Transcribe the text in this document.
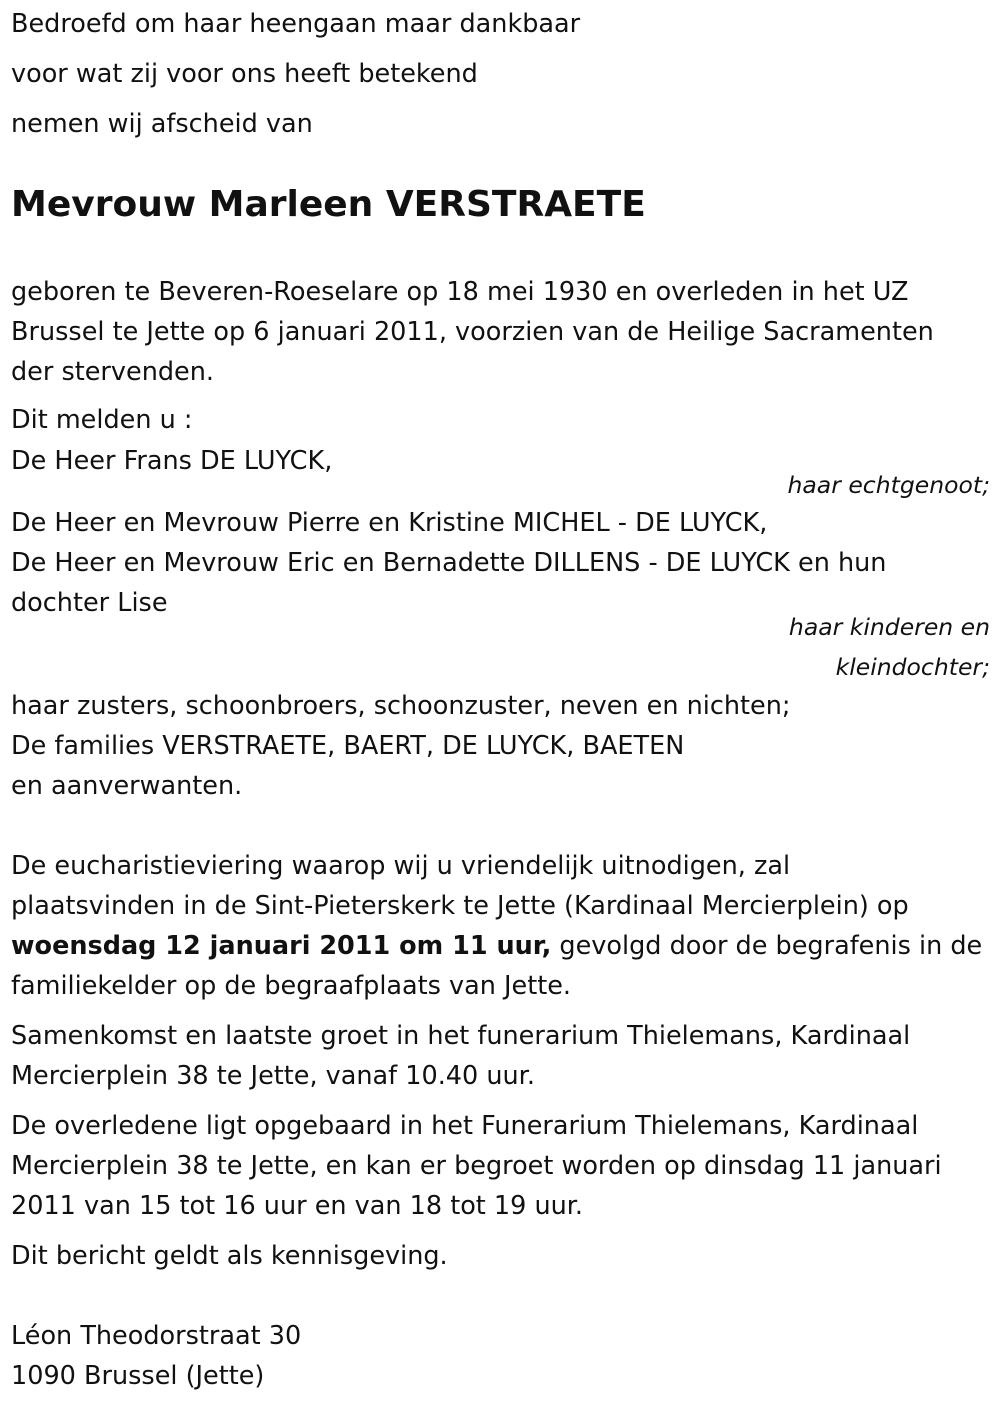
Bedroefd om haar heengaan maar dankbaar
voor wat zij voor ons heeft betekend
nemen wij afscheid van
Mevrouw Marleen VERSTRAETE
geboren te Beveren-Roeselare op 18 mei 1930 en overleden in het UZ
Brussel te Jette op 6 januari 2011, voorzien van de Heilige Sacramenten
der stervenden.
Dit melden u :
De Heer Frans DE LUYCK,
haar echtgenoot;
De Heer en Mevrouw Pierre en Kristine MICHEL - DE LUYCK,
De Heer en Mevrouw Eric en Bernadette DILLENS - DE LUYCK en hun
dochter Lise
haar kinderen en
kleindochter;
haar zusters, schoonbroers, schoonzuster, neven en nichten;
De families VERSTRAETE, BAERT, DE LUYCK, BAETEN
en aanverwanten.
De eucharistieviering waarop wij u vriendelijk uitnodigen, zal
plaatsvinden in de Sint-Pieterskerk te Jette (Kardinaal Mercierplein) op
woensdag 12 januari 2011 om 11 uur, gevolgd door de begrafenis in de
familiekelder op de begraafplaats van Jette.
Samenkomst en laatste groet in het funerarium Thielemans, Kardinaal
Mercierplein 38 te Jette, vanaf 10.40 uur.
De overledene ligt opgebaard in het Funerarium Thielemans, Kardinaal
Mercierplein 38 te Jette, en kan er begroet worden op dinsdag 11 januari
2011 van 15 tot 16 uur en van 18 tot 19 uur.
Dit bericht geldt als kennisgeving.
Léon Theodorstraat 30
1090 Brussel (Jette)
